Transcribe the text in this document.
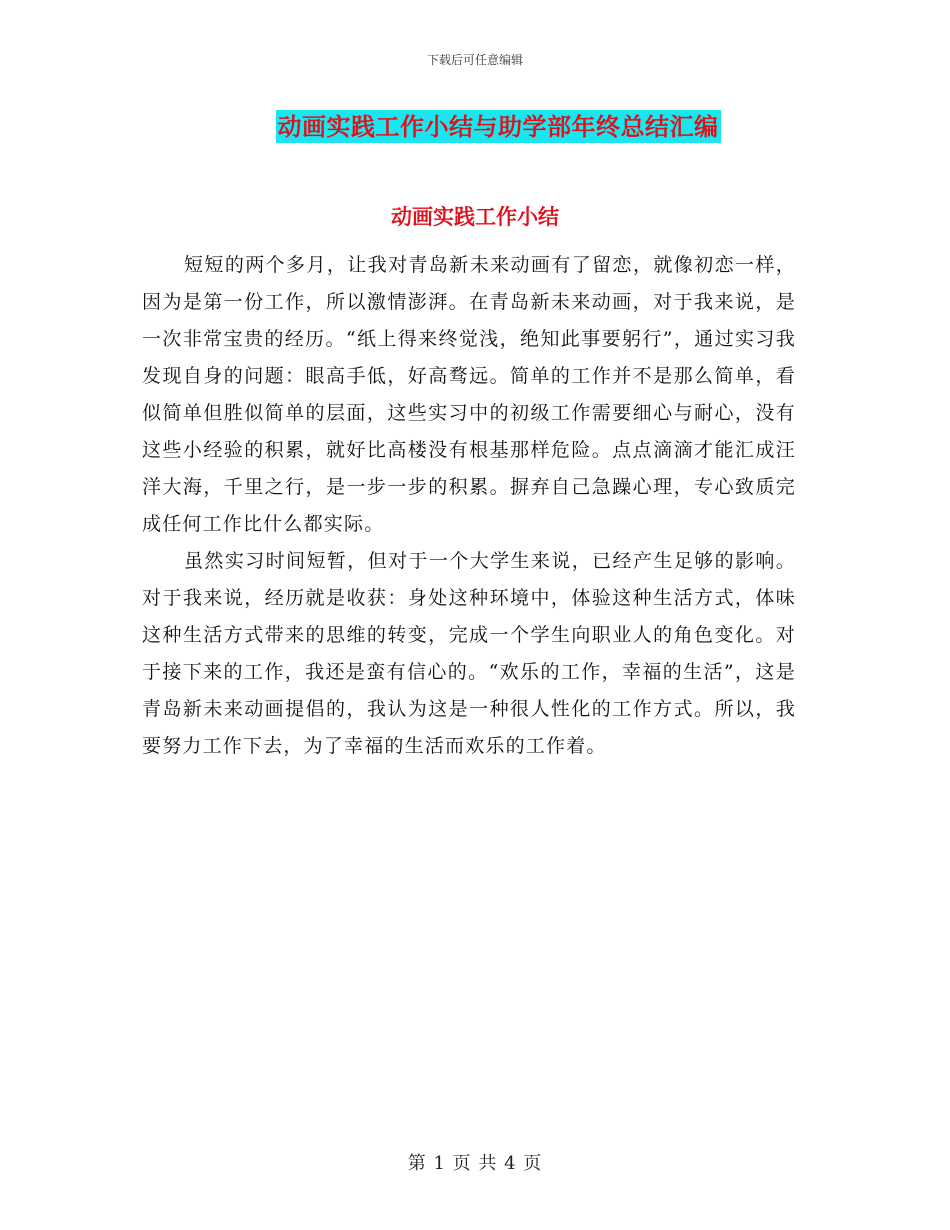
下载后可任意编辑
动画实践工作小结与助学部年终总结汇编
动画实践工作小结

短短的两个多月，让我对青岛新未来动画有了留恋，就像初恋一样，因为是第一份工作，所以激情澎湃。在青岛新未来动画，对于我来说，是一次非常宝贵的经历。“纸上得来终觉浅，绝知此事要躬行”，通过实习我发现自身的问题：眼高手低，好高骛远。简单的工作并不是那么简单，看似简单但胜似简单的层面，这些实习中的初级工作需要细心与耐心，没有这些小经验的积累，就好比高楼没有根基那样危险。点点滴滴才能汇成汪洋大海，千里之行，是一步一步的积累。摒弃自己急躁心理，专心致质完成任何工作比什么都实际。

虽然实习时间短暂，但对于一个大学生来说，已经产生足够的影响。对于我来说，经历就是收获：身处这种环境中，体验这种生活方式，体味这种生活方式带来的思维的转变，完成一个学生向职业人的角色变化。对于接下来的工作，我还是蛮有信心的。“欢乐的工作，幸福的生活”，这是青岛新未来动画提倡的，我认为这是一种很人性化的工作方式。所以，我要努力工作下去，为了幸福的生活而欢乐的工作着。

第 1 页 共 4 页
